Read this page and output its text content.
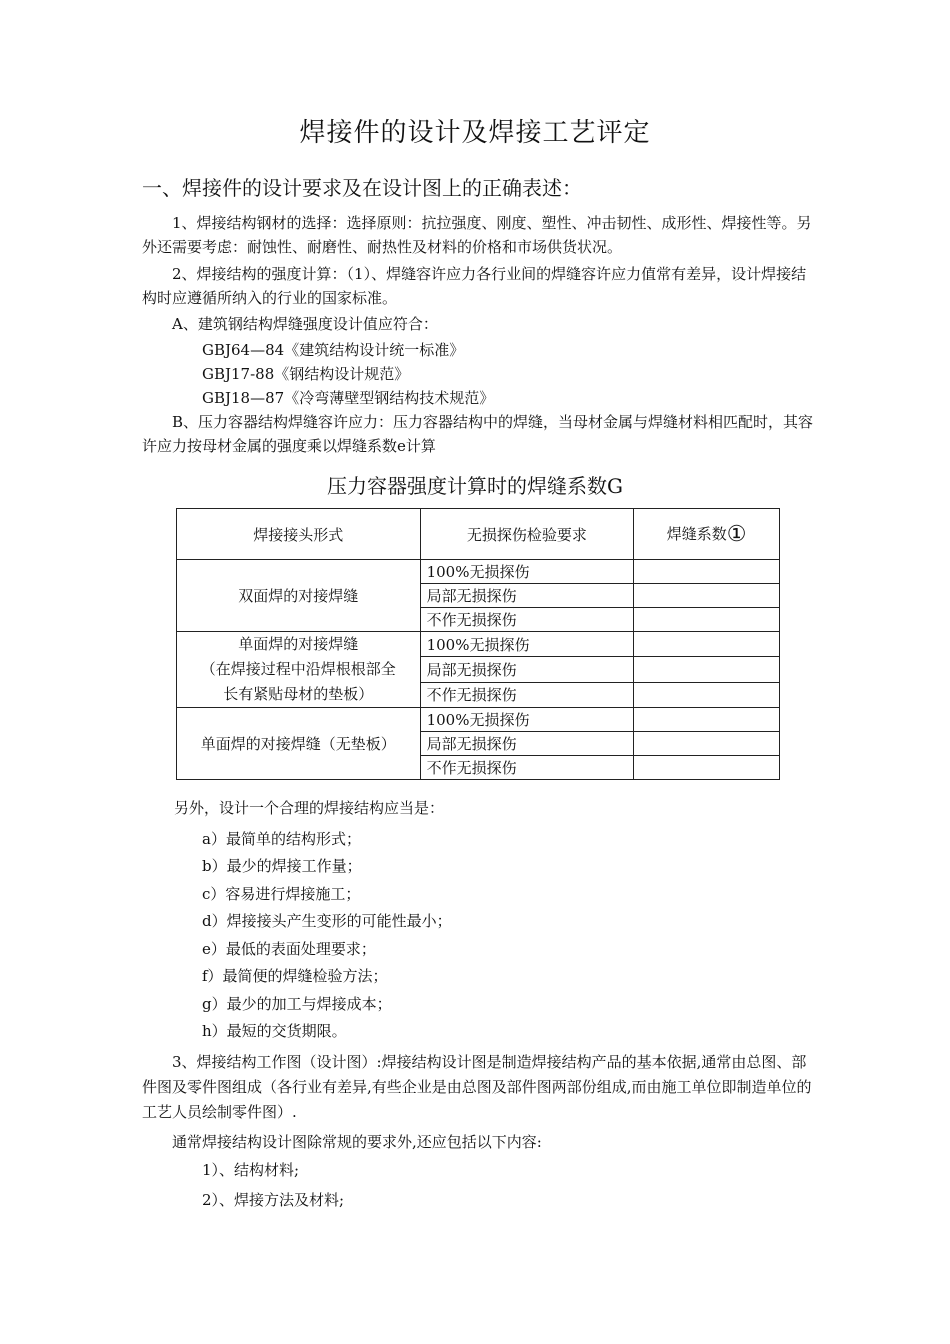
焊接件的设计及焊接工艺评定
一、焊接件的设计要求及在设计图上的正确表述：
1、焊接结构钢材的选择：选择原则：抗拉强度、刚度、塑性、冲击韧性、成形性、焊接性等。另外还需要考虑：耐蚀性、耐磨性、耐热性及材料的价格和市场供货状况。
2、焊接结构的强度计算：（1）、焊缝容许应力各行业间的焊缝容许应力值常有差异，设计焊接结构时应遵循所纳入的行业的国家标准。
A、建筑钢结构焊缝强度设计值应符合：
GBJ64—84《建筑结构设计统一标准》
GBJ17-88《钢结构设计规范》
GBJ18—87《冷弯薄壁型钢结构技术规范》
B、压力容器结构焊缝容许应力：压力容器结构中的焊缝，当母材金属与焊缝材料相匹配时，其容许应力按母材金属的强度乘以焊缝系数e计算
压力容器强度计算时的焊缝系数G
焊接接头形式	无损探伤检验要求	焊缝系数①
双面焊的对接焊缝	100%无损探伤	
	局部无损探伤	
	不作无损探伤	

单面焊的对接焊缝
（在焊接过程中沿焊根根部全
长有紧贴母材的垫板）	100%无损探伤	
	局部无损探伤	
	不作无损探伤	
单面焊的对接焊缝（无垫板）	100%无损探伤	
	局部无损探伤	
	不作无损探伤	
另外，设计一个合理的焊接结构应当是：
a）最简单的结构形式；
b）最少的焊接工作量；
c）容易进行焊接施工；
d）焊接接头产生变形的可能性最小；
e）最低的表面处理要求；
f）最简便的焊缝检验方法；
g）最少的加工与焊接成本；
h）最短的交货期限。
3、焊接结构工作图（设计图）:焊接结构设计图是制造焊接结构产品的基本依据,通常由总图、部件图及零件图组成（各行业有差异,有些企业是由总图及部件图两部份组成,而由施工单位即制造单位的工艺人员绘制零件图）.
通常焊接结构设计图除常规的要求外,还应包括以下内容:
1）、结构材料;
2）、焊接方法及材料;
